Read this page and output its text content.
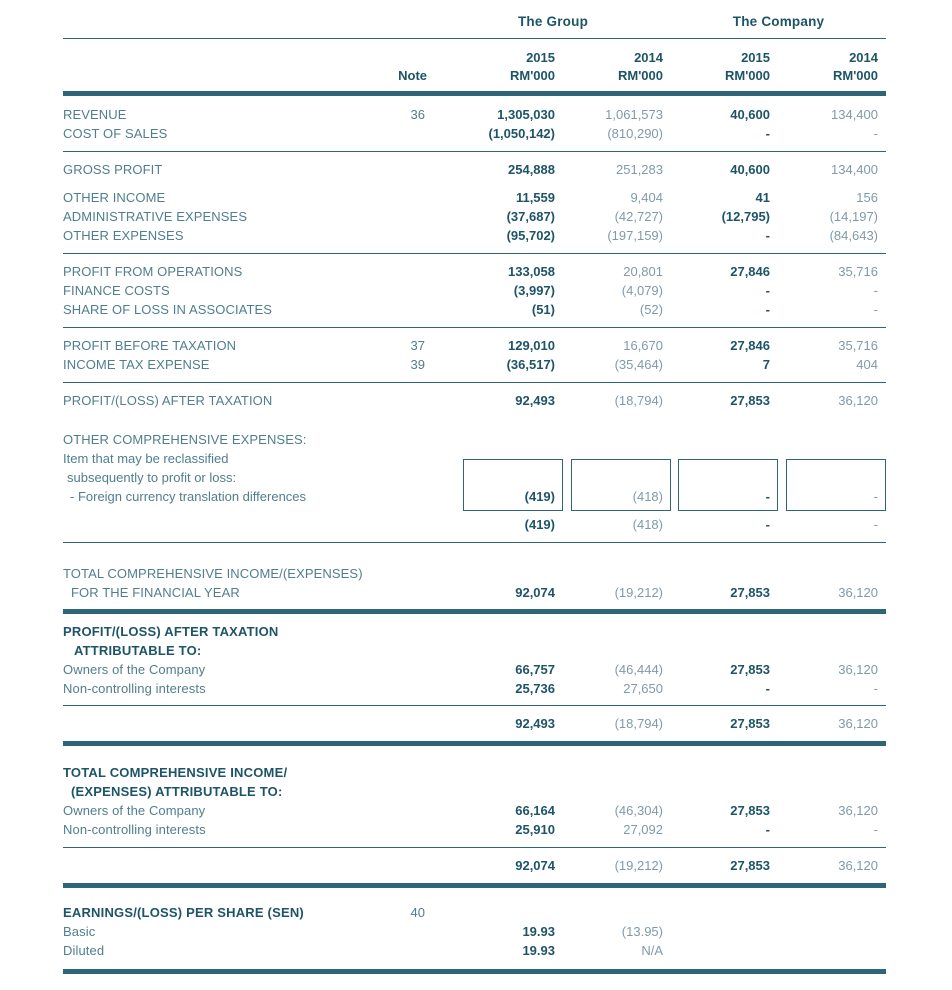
The Group	The Company
2015	2014	2015	2014
Note	RM'000	RM'000	RM'000	RM'000
REVENUE	36	1,305,030	1,061,573	40,600	134,400
COST OF SALES	(1,050,142)	(810,290)	-	-
GROSS PROFIT	254,888	251,283	40,600	134,400
OTHER INCOME	11,559	9,404	41	156
ADMINISTRATIVE EXPENSES	(37,687)	(42,727)	(12,795)	(14,197)
OTHER EXPENSES	(95,702)	(197,159)	-	(84,643)
PROFIT FROM OPERATIONS	133,058	20,801	27,846	35,716
FINANCE COSTS	(3,997)	(4,079)	-	-
SHARE OF LOSS IN ASSOCIATES	(51)	(52)	-	-
PROFIT BEFORE TAXATION	37	129,010	16,670	27,846	35,716
INCOME TAX EXPENSE	39	(36,517)	(35,464)	7	404
PROFIT/(LOSS) AFTER TAXATION	92,493	(18,794)	27,853	36,120
OTHER COMPREHENSIVE EXPENSES:
Item that may be reclassified
subsequently to profit or loss:
- Foreign currency translation differences	(419)	(418)	-	-
(419)	(418)	-	-
TOTAL COMPREHENSIVE INCOME/(EXPENSES)
FOR THE FINANCIAL YEAR	92,074	(19,212)	27,853	36,120
PROFIT/(LOSS) AFTER TAXATION
ATTRIBUTABLE TO:
Owners of the Company	66,757	(46,444)	27,853	36,120
Non-controlling interests	25,736	27,650	-	-
92,493	(18,794)	27,853	36,120
TOTAL COMPREHENSIVE INCOME/
(EXPENSES) ATTRIBUTABLE TO:
Owners of the Company	66,164	(46,304)	27,853	36,120
Non-controlling interests	25,910	27,092	-	-
92,074	(19,212)	27,853	36,120
EARNINGS/(LOSS) PER SHARE (SEN)	40
Basic	19.93	(13.95)
Diluted	19.93	N/A
